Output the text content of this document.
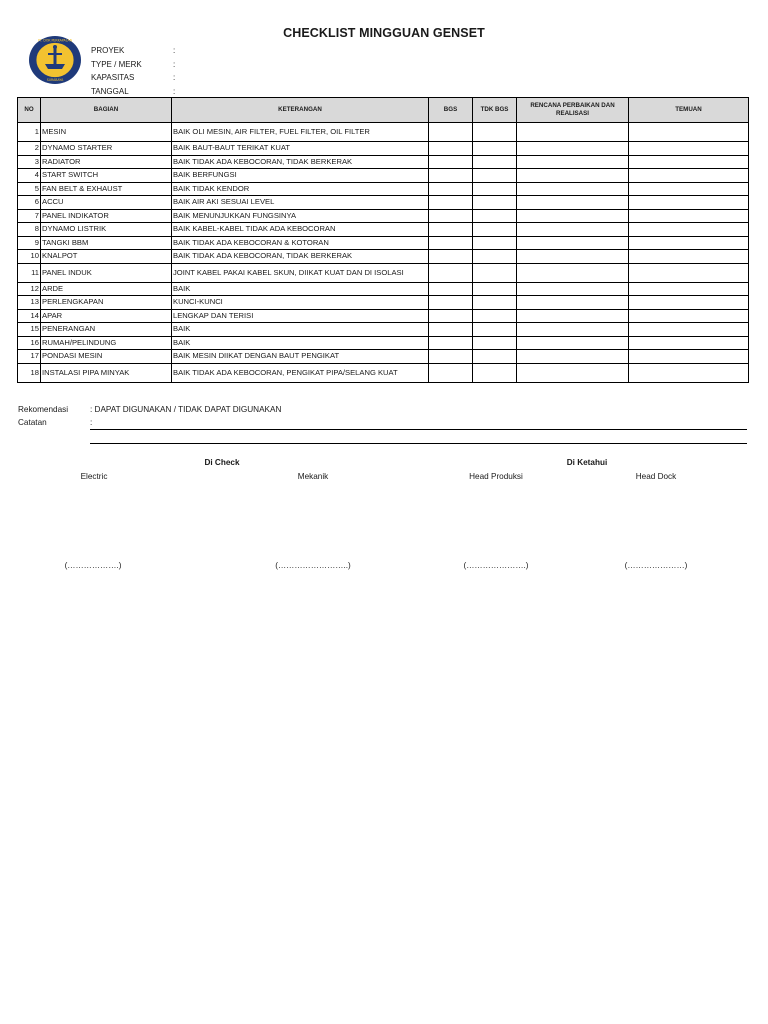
CHECKLIST MINGGUAN GENSET
SURABAYA
PT. DOK PERKAPALAN
PROYEK	:
TYPE / MERK	:
KAPASITAS	:
TANGGAL	:
NO	BAGIAN	KETERANGAN	BGS	TDK BGS	RENCANA PERBAIKAN DAN REALISASI	TEMUAN
1	MESIN	BAIK OLI MESIN, AIR FILTER, FUEL FILTER, OIL FILTER				
2	DYNAMO STARTER	BAIK BAUT-BAUT TERIKAT KUAT				
3	RADIATOR	BAIK TIDAK ADA KEBOCORAN, TIDAK BERKERAK				
4	START SWITCH	BAIK BERFUNGSI				
5	FAN BELT & EXHAUST	BAIK TIDAK KENDOR				
6	ACCU	BAIK AIR AKI SESUAI LEVEL				
7	PANEL INDIKATOR	BAIK MENUNJUKKAN FUNGSINYA				
8	DYNAMO LISTRIK	BAIK KABEL-KABEL TIDAK ADA KEBOCORAN				
9	TANGKI BBM	BAIK TIDAK ADA KEBOCORAN & KOTORAN				
10	KNALPOT	BAIK TIDAK ADA KEBOCORAN, TIDAK BERKERAK				
11	PANEL INDUK	JOINT KABEL PAKAI KABEL SKUN, DIIKAT KUAT DAN DI ISOLASI				
12	ARDE	BAIK				
13	PERLENGKAPAN	KUNCI-KUNCI				
14	APAR	LENGKAP DAN TERISI				
15	PENERANGAN	BAIK				
16	RUMAH/PELINDUNG	BAIK				
17	PONDASI MESIN	BAIK MESIN DIIKAT DENGAN BAUT PENGIKAT				
18	INSTALASI PIPA MINYAK	BAIK TIDAK ADA KEBOCORAN, PENGIKAT PIPA/SELANG KUAT				
Rekomendasi	: DAPAT DIGUNAKAN / TIDAK DAPAT DIGUNAKAN
Catatan	:
Di Check	Di Ketahui
Electric	Mekanik	Head Produksi	Head Dock
(……………….)	(……………………..)	(………………….)	(…………………)
